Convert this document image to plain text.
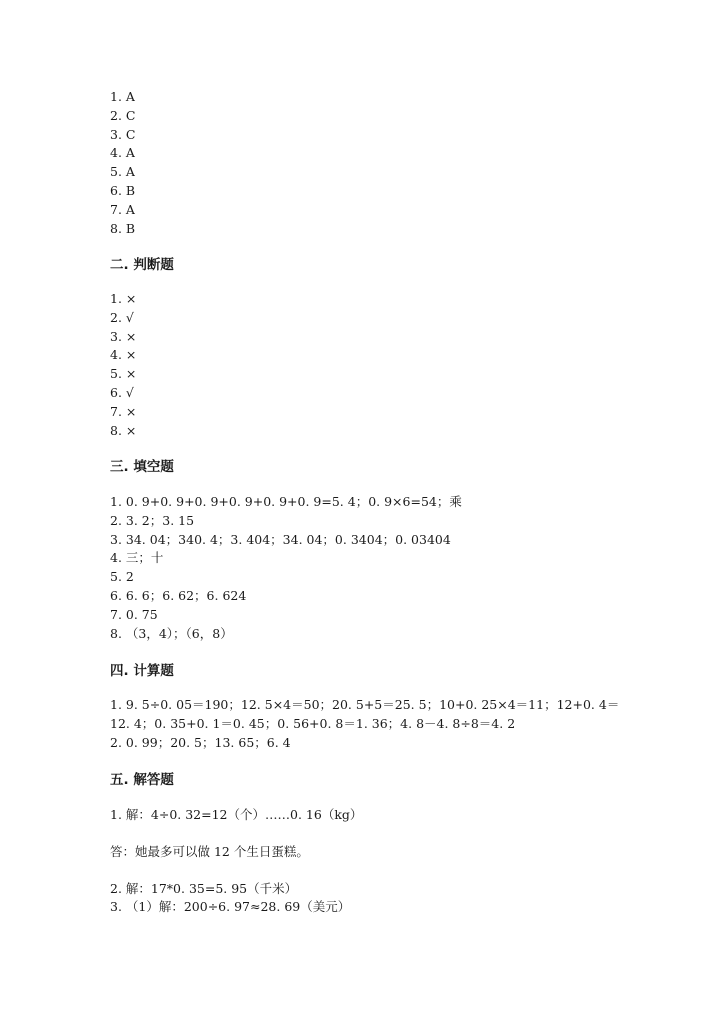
1. A
2. C
3. C
4. A
5. A
6. B
7. A
8. B
二. 判断题
1. ×
2. √
3. ×
4. ×
5. ×
6. √
7. ×
8. ×
三. 填空题
1. 0. 9+0. 9+0. 9+0. 9+0. 9+0. 9=5. 4；0. 9×6=54；乘
2. 3. 2；3. 15
3. 34. 04；340. 4；3. 404；34. 04；0. 3404；0. 03404
4. 三；十
5. 2
6. 6. 6；6. 62；6. 624
7. 0. 75
8. （3，4）；（6，8）
四. 计算题
1. 9. 5÷0. 05＝190；12. 5×4＝50；20. 5+5＝25. 5；10+0. 25×4＝11；12+0. 4＝
12. 4；0. 35+0. 1＝0. 45；0. 56+0. 8＝1. 36；4. 8－4. 8÷8＝4. 2
2. 0. 99；20. 5；13. 65；6. 4
五. 解答题
1. 解：4÷0. 32=12（个）……0. 16（kg）
答：她最多可以做 12 个生日蛋糕。
2. 解：17*0. 35=5. 95（千米）
3. （1）解：200÷6. 97≈28. 69（美元）
